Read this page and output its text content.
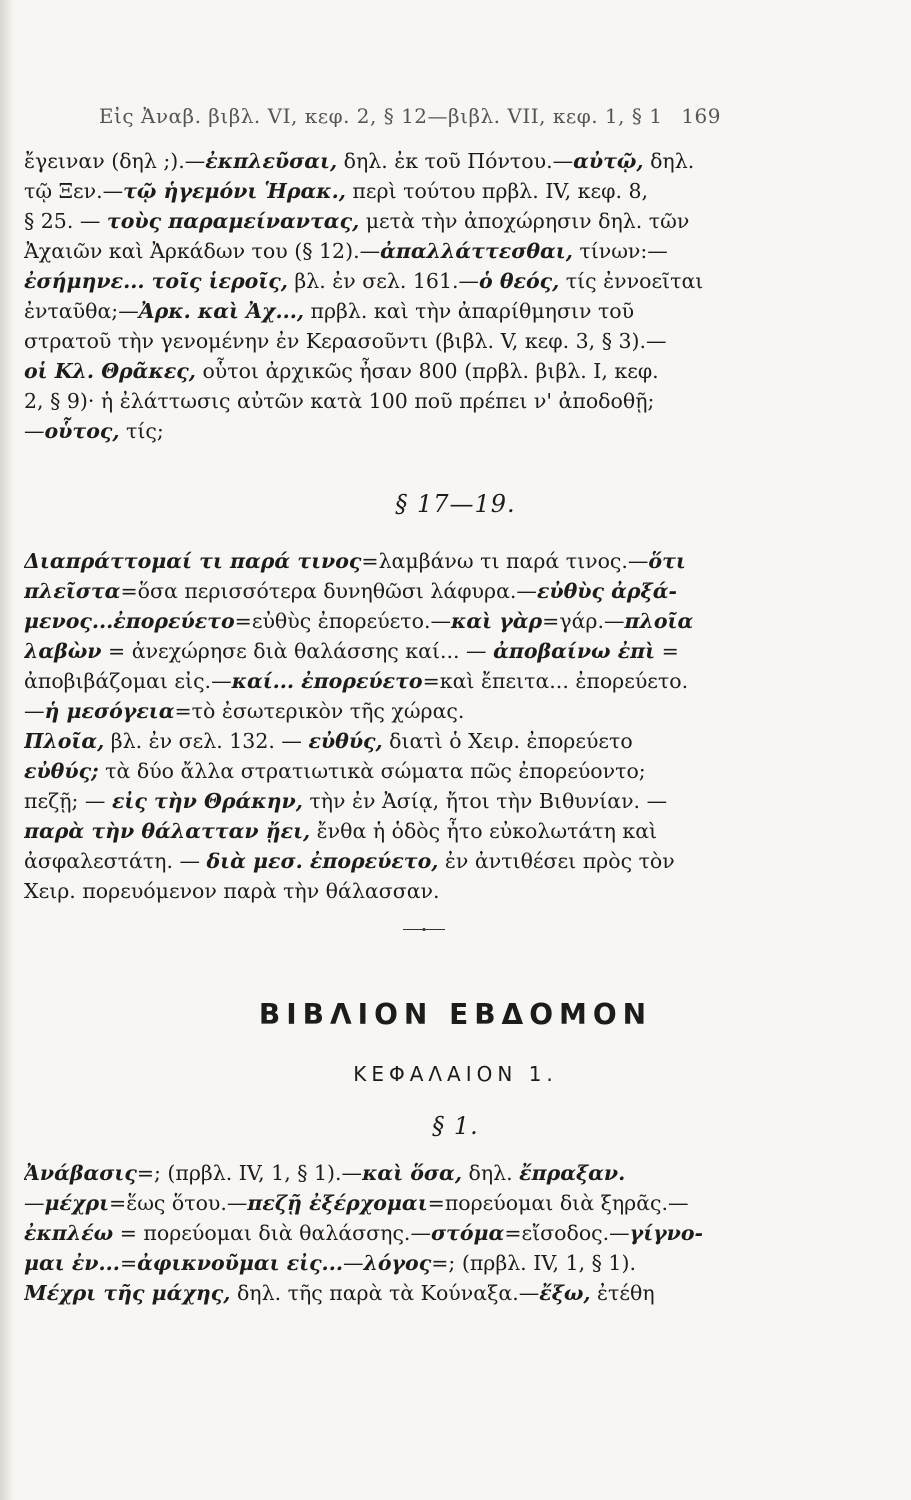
Εἰς Ἀναβ. βιβλ. VI, κεφ. 2, § 12—βιβλ. VII, κεφ. 1, § 1 169
ἔγειναν (δηλ ;).—ἐκπλεῦσαι, δηλ. ἐκ τοῦ Πόντου.—αὐτῷ, δηλ.
τῷ Ξεν.—τῷ ἡγεμόνι Ἡρακ., περὶ τούτου πρβλ. IV, κεφ. 8,
§ 25. — τοὺς παραμείναντας, μετὰ τὴν ἀποχώρησιν δηλ. τῶν
Ἀχαιῶν καὶ Ἀρκάδων του (§ 12).—ἀπαλλάττεσθαι, τίνων:—
ἐσήμηνε... τοῖς ἱεροῖς, βλ. ἐν σελ. 161.—ὁ θεός, τίς ἐννοεῖται
ἐνταῦθα;—Ἀρκ. καὶ Ἀχ..., πρβλ. καὶ τὴν ἀπαρίθμησιν τοῦ
στρατοῦ τὴν γενομένην ἐν Κερασοῦντι (βιβλ. V, κεφ. 3, § 3).—
οἱ Κλ. Θρᾶκες, οὗτοι ἀρχικῶς ἦσαν 800 (πρβλ. βιβλ. I, κεφ.
2, § 9)· ἡ ἐλάττωσις αὐτῶν κατὰ 100 ποῦ πρέπει ν' ἀποδοθῇ;
—οὗτος, τίς;
§ 17—19.
Διαπράττομαί τι παρά τινος=λαμβάνω τι παρά τινος.—ὅτι
πλεῖστα=ὅσα περισσότερα δυνηθῶσι λάφυρα.—εὐθὺς ἀρξά-
μενος...ἐπορεύετο=εὐθὺς ἐπορεύετο.—καὶ γὰρ=γάρ.—πλοῖα
λαβὼν = ἀνεχώρησε διὰ θαλάσσης καί... — ἀποβαίνω ἐπὶ =
ἀποβιβάζομαι εἰς.—καί... ἐπορεύετο=καὶ ἔπειτα... ἐπορεύετο.
—ἡ μεσόγεια=τὸ ἐσωτερικὸν τῆς χώρας.
Πλοῖα, βλ. ἐν σελ. 132. — εὐθύς, διατὶ ὁ Χειρ. ἐπορεύετο
εὐθύς; τὰ δύο ἄλλα στρατιωτικὰ σώματα πῶς ἐπορεύοντο;
πεζῇ; — εἰς τὴν Θράκην, τὴν ἐν Ἀσίᾳ, ἤτοι τὴν Βιθυνίαν. —
παρὰ τὴν θάλατταν ᾔει, ἔνθα ἡ ὁδὸς ἦτο εὐκολωτάτη καὶ
ἀσφαλεστάτη. — διὰ μεσ. ἐπορεύετο, ἐν ἀντιθέσει πρὸς τὸν
Χειρ. πορευόμενον παρὰ τὴν θάλασσαν.
ΒΙΒΛΙΟΝ ΕΒΔΟΜΟΝ
ΚΕΦΑΛΑΙΟΝ 1.
§ 1.
Ἀνάβασις=; (πρβλ. IV, 1, § 1).—καὶ ὅσα, δηλ. ἔπραξαν.
—μέχρι=ἕως ὅτου.—πεζῇ ἐξέρχομαι=πορεύομαι διὰ ξηρᾶς.—
ἐκπλέω = πορεύομαι διὰ θαλάσσης.—στόμα=εἴσοδος.—γίγνο-
μαι ἐν...=ἀφικνοῦμαι εἰς...—λόγος=; (πρβλ. IV, 1, § 1).
Μέχρι τῆς μάχης, δηλ. τῆς παρὰ τὰ Κούναξα.—ἔξω, ἐτέθη
